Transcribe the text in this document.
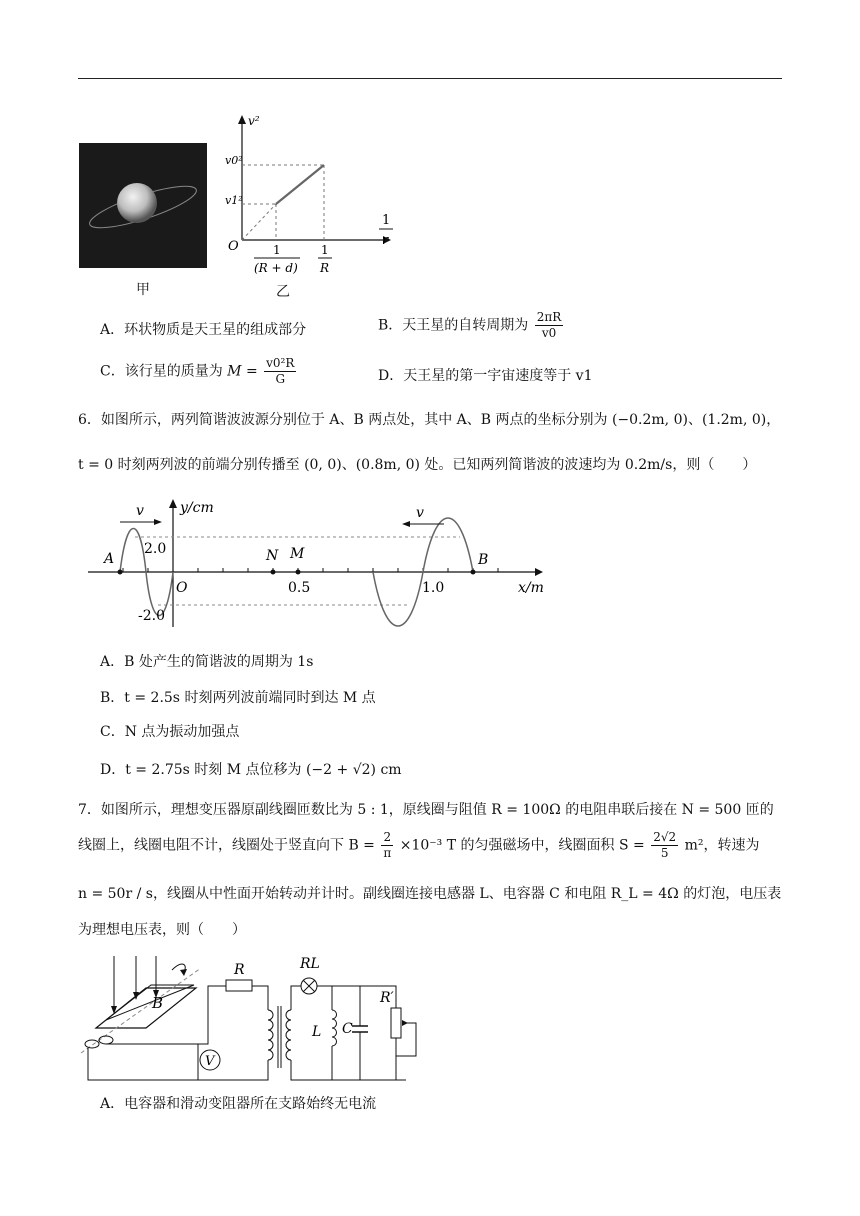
甲
v²
v0²
v1²
O
1
r
1
(R + d)
1
R
乙
A．环状物质是天王星的组成部分	B．天王星的自转周期为 $\frac{2\pi R}{v0}$
C．该行星的质量为 $M = \frac{\text{v0²R}}{G}$	D．天王星的第一宇宙速度等于 v1
6．如图所示，两列简谐波波源分别位于 A、B 两点处，其中 A、B 两点的坐标分别为 (−0.2m, 0)、(1.2m, 0)，
t = 0 时刻两列波的前端分别传播至 (0, 0)、(0.8m, 0) 处。已知两列简谐波的波速均为 0.2m/s，则（　　）
v	v
y/cm
x/m
A	B
N M
O
2.0
-2.0
0.5	1.0
A．B 处产生的简谐波的周期为 1s
B．t = 2.5s 时刻两列波前端同时到达 M 点
C．N 点为振动加强点
D．t = 2.75s 时刻 M 点位移为 (−2 + √2) cm
7．如图所示，理想变压器原副线圈匝数比为 5 : 1，原线圈与阻值 R = 100Ω 的电阻串联后接在 N = 500 匝的
线圈上，线圈电阻不计，线圈处于竖直向下 $B = \frac{2}{\pi} \times 10^{-3}$ T 的匀强磁场中，线圈面积 $S = \frac{2√2}{5} m^2$，转速为
n = 50r / s，线圈从中性面开始转动并计时。副线圈连接电感器 L、电容器 C 和电阻 R_L = 4Ω 的灯泡，电压表
为理想电压表，则（　　）
B
R
V
RL
L C
R′
A．电容器和滑动变阻器所在支路始终无电流
